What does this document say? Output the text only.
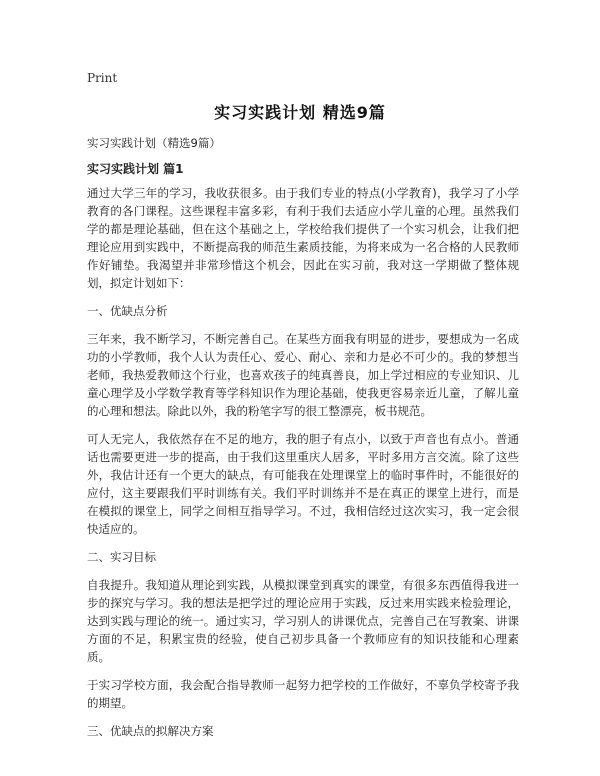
Print
实习实践计划 精选9篇

实习实践计划（精选9篇）

实习实践计划 篇1

通过大学三年的学习，我收获很多。由于我们专业的特点(小学教育)，我学习了小学教育的各门课程。这些课程丰富多彩，有利于我们去适应小学儿童的心理。虽然我们学的都是理论基础，但在这个基础之上，学校给我们提供了一个实习机会，让我们把理论应用到实践中，不断提高我的师范生素质技能，为将来成为一名合格的人民教师作好铺垫。我渴望并非常珍惜这个机会，因此在实习前，我对这一学期做了整体规划，拟定计划如下：

一、优缺点分析

三年来，我不断学习，不断完善自己。在某些方面我有明显的进步，要想成为一名成功的小学教师，我个人认为责任心、爱心、耐心、亲和力是必不可少的。我的梦想当老师，我热爱教师这个行业，也喜欢孩子的纯真善良，加上学过相应的专业知识、儿童心理学及小学数学教育等学科知识作为理论基础，使我更容易亲近儿童，了解儿童的心理和想法。除此以外，我的粉笔字写的很工整漂亮，板书规范。

可人无完人，我依然存在不足的地方，我的胆子有点小，以致于声音也有点小。普通话也需要更进一步的提高，由于我们这里重庆人居多，平时多用方言交流。除了这些外，我估计还有一个更大的缺点，有可能我在处理课堂上的临时事件时，不能很好的应付，这主要跟我们平时训练有关。我们平时训练并不是在真正的课堂上进行，而是在模拟的课堂上，同学之间相互指导学习。不过，我相信经过这次实习，我一定会很快适应的。

二、实习目标

自我提升。我知道从理论到实践，从模拟课堂到真实的课堂，有很多东西值得我进一步的探究与学习。我的想法是把学过的理论应用于实践，反过来用实践来检验理论，达到实践与理论的统一。通过实习，学习别人的讲课优点，完善自己在写教案、讲课方面的不足，积累宝贵的经验，使自己初步具备一个教师应有的知识技能和心理素质。

于实习学校方面，我会配合指导教师一起努力把学校的工作做好，不辜负学校寄予我的期望。

三、优缺点的拟解决方案
